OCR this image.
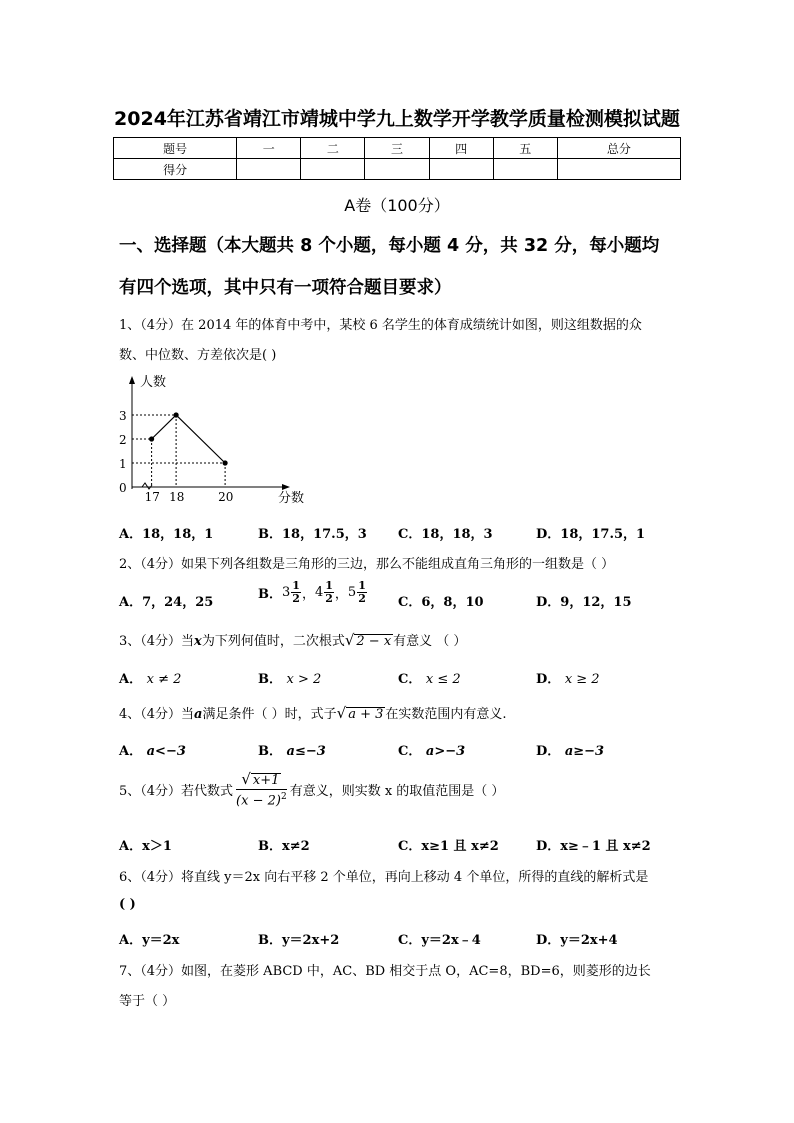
2024年江苏省靖江市靖城中学九上数学开学教学质量检测模拟试题
题号	一	二	三	四	五	总分
得分						
A卷（100分）
一、选择题（本大题共 8 个小题，每小题 4 分，共 32 分，每小题均
有四个选项，其中只有一项符合题目要求）
1、（4分）在 2014 年的体育中考中，某校 6 名学生的体育成绩统计如图，则这组数据的众
数、中位数、方差依次是( )
0
人数
分数
1
2
3
17 18	20
A．18，18，1	B．18，17.5，3 C．18，18，3	D．18，17.5，1
2、（4分）如果下列各组数是三角形的三边，那么不能组成直角三角形的一组数是（ ）
A．7，24，25
B． $3 \frac{1}{2}$ ， $4 \frac{1}{2}$ ， $5 \frac{1}{2}$ C．6，8，10	D．9，12，15
3、（4分）当x为下列何值时，二次根式√ 2 − x 有意义 （ ）
A． x ≠ 2	B． x > 2	C． x ≤ 2	D． x ≥ 2
4、（4分）当a满足条件（ ）时，式子√ a + 3 在实数范围内有意义.
A． a<−3	B． a≤−3	C． a>−3	D． a≥−3
5、（4分）若代数式 $\frac{√ x+1}{(x - 2)^2}$ 有意义，则实数 x 的取值范围是（ ）
A．x＞1	B．x≠2	C．x≥1 且 x≠2	D．x≥﹣1 且 x≠2
6、（4分）将直线 y＝2x 向右平移 2 个单位，再向上移动 4 个单位，所得的直线的解析式是
( )
A．y＝2x	B．y＝2x+2	C．y＝2x﹣4	D．y＝2x+4
7、（4分）如图，在菱形 ABCD 中，AC、BD 相交于点 O，AC=8，BD=6，则菱形的边长
等于（ ）
